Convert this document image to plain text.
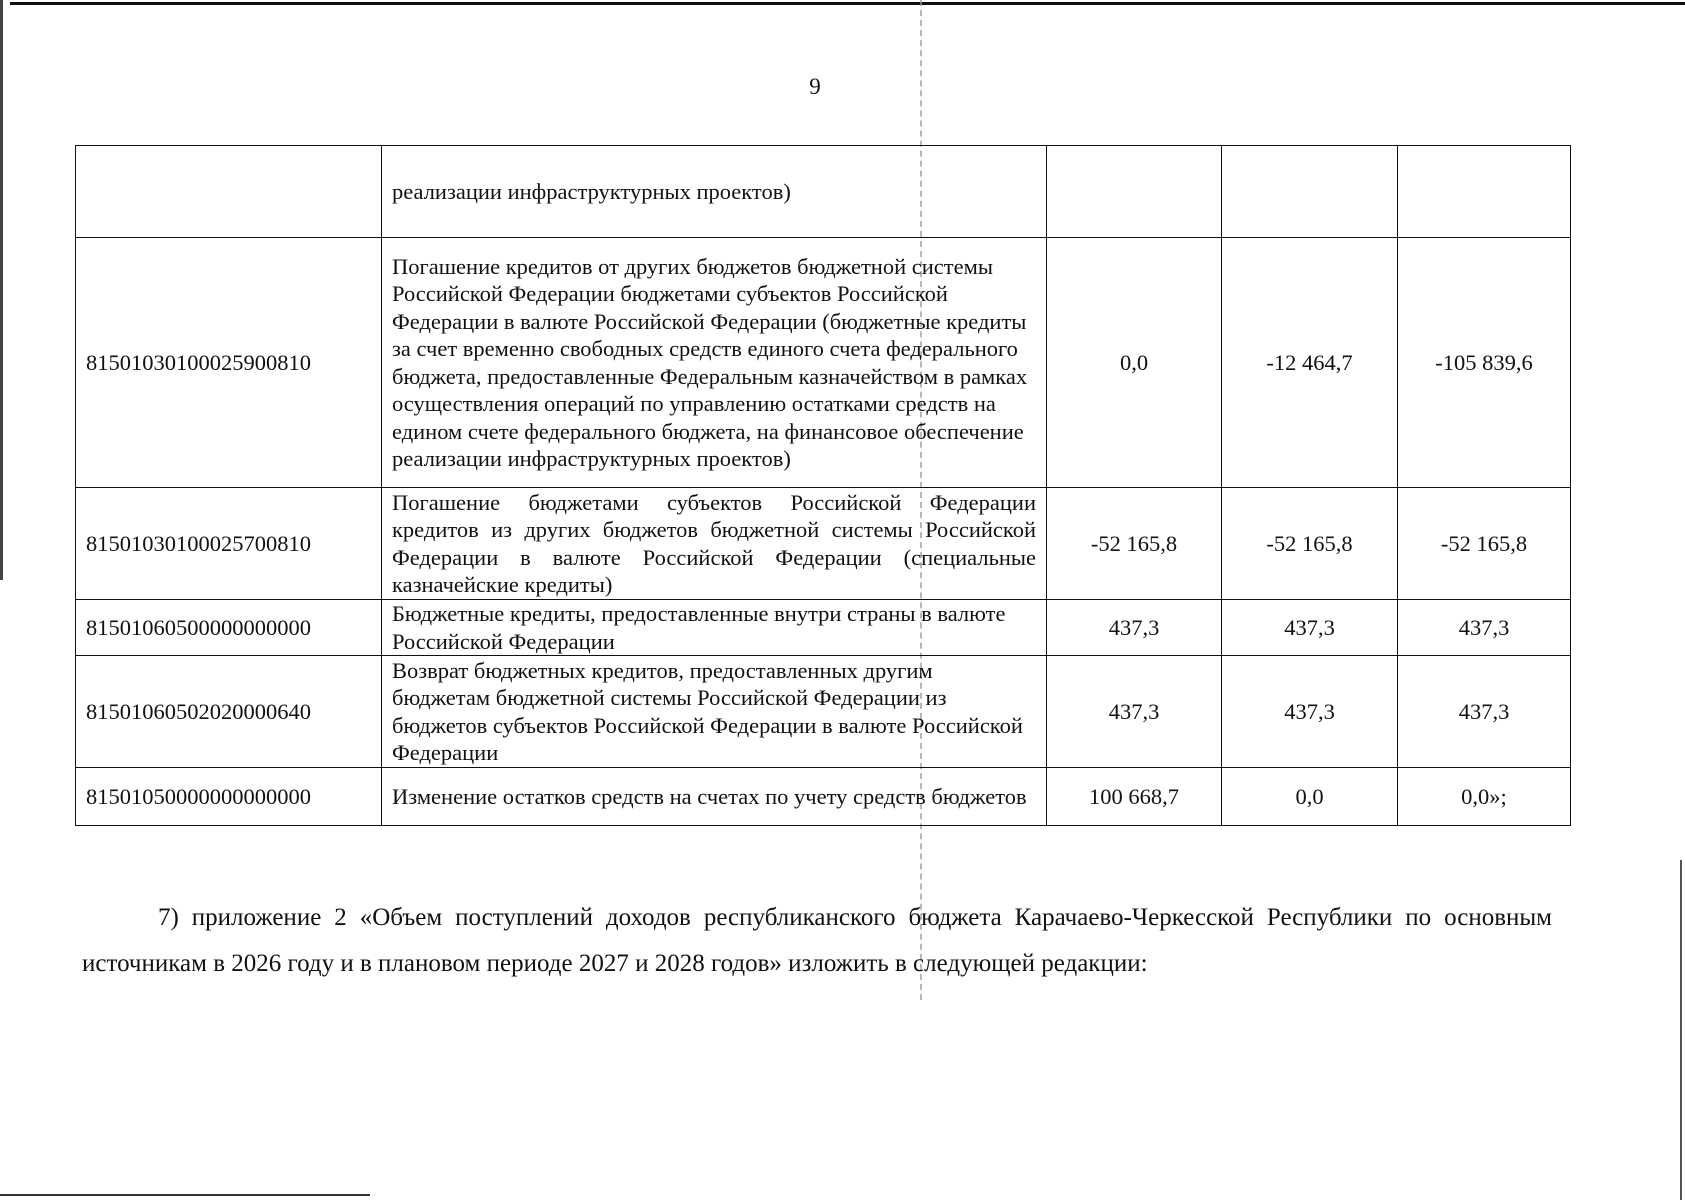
9
	реализации инфраструктурных проектов)			
81501030100025900810	Погашение кредитов от других бюджетов бюджетной системы Российской Федерации бюджетами субъектов Российской Федерации в валюте Российской Федерации (бюджетные кредиты за счет временно свободных средств единого счета федерального бюджета, предоставленные Федеральным казначейством в рамках осуществления операций по управлению остатками средств на едином счете федерального бюджета, на финансовое обеспечение реализации инфраструктурных проектов)	0,0	-12 464,7	-105 839,6
81501030100025700810	Погашение бюджетами субъектов Российской Федерации кредитов из других бюджетов бюджетной системы Российской Федерации в валюте Российской Федерации (специальные казначейские кредиты)	-52 165,8	-52 165,8	-52 165,8
81501060500000000000	Бюджетные кредиты, предоставленные внутри страны в валюте Российской Федерации	437,3	437,3	437,3
81501060502020000640	Возврат бюджетных кредитов, предоставленных другим бюджетам бюджетной системы Российской Федерации из бюджетов субъектов Российской Федерации в валюте Российской Федерации	437,3	437,3	437,3
81501050000000000000	Изменение остатков средств на счетах по учету средств бюджетов	100 668,7	0,0	0,0»;

7) приложение 2 «Объем поступлений доходов республиканского бюджета Карачаево-Черкесской Республики по основным источникам в 2026 году и в плановом периоде 2027 и 2028 годов» изложить в следующей редакции:
